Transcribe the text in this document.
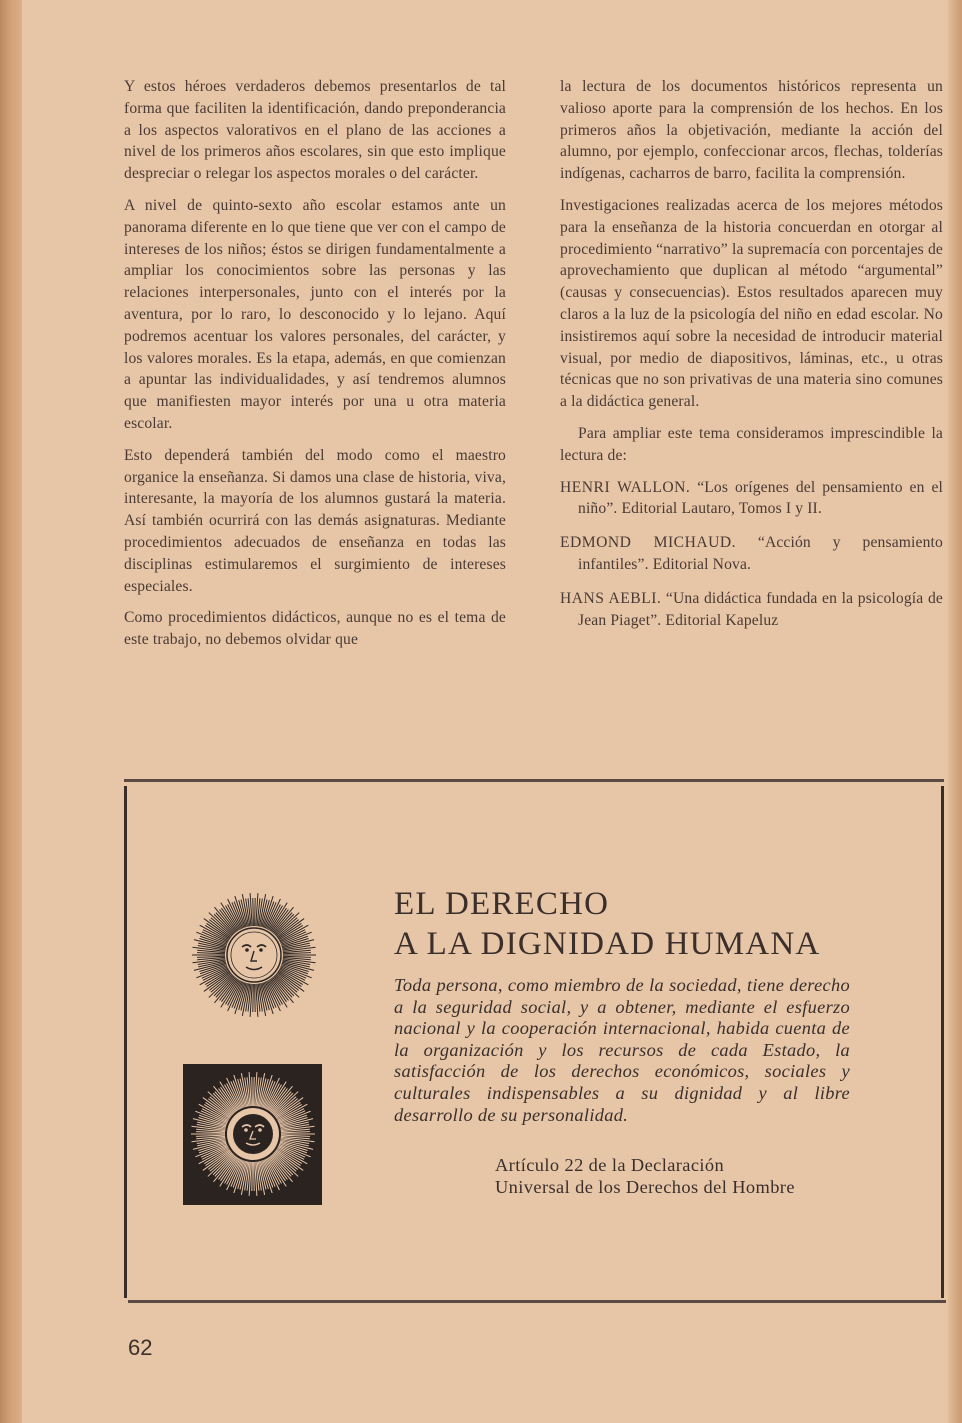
Y estos héroes verdaderos debemos presentarlos de tal forma que faciliten la identificación, dando preponderancia a los aspectos valorativos en el plano de las acciones a nivel de los primeros años escolares, sin que esto implique despreciar o relegar los aspectos morales o del carácter.

A nivel de quinto-sexto año escolar estamos ante un panorama diferente en lo que tiene que ver con el campo de intereses de los niños; éstos se dirigen fundamentalmente a ampliar los conocimientos sobre las personas y las relaciones interpersonales, junto con el interés por la aventura, por lo raro, lo desconocido y lo lejano. Aquí podremos acentuar los valores personales, del carácter, y los valores morales. Es la etapa, además, en que comienzan a apuntar las individualidades, y así tendremos alumnos que manifiesten mayor interés por una u otra materia escolar.

Esto dependerá también del modo como el maestro organice la enseñanza. Si damos una clase de historia, viva, interesante, la mayoría de los alumnos gustará la materia. Así también ocurrirá con las demás asignaturas. Mediante procedimientos adecuados de enseñanza en todas las disciplinas estimularemos el surgimiento de intereses especiales.

Como procedimientos didácticos, aunque no es el tema de este trabajo, no debemos olvidar que

la lectura de los documentos históricos representa un valioso aporte para la comprensión de los hechos. En los primeros años la objetivación, mediante la acción del alumno, por ejemplo, confeccionar arcos, flechas, tolderías indígenas, cacharros de barro, facilita la comprensión.

Investigaciones realizadas acerca de los mejores métodos para la enseñanza de la historia concuerdan en otorgar al procedimiento “narrativo” la supremacía con porcentajes de aprovechamiento que duplican al método “argumental” (causas y consecuencias). Estos resultados aparecen muy claros a la luz de la psicología del niño en edad escolar. No insistiremos aquí sobre la necesidad de introducir material visual, por medio de diapositivos, láminas, etc., u otras técnicas que no son privativas de una materia sino comunes a la didáctica general.

Para ampliar este tema consideramos imprescindible la lectura de:

HENRI WALLON. “Los orígenes del pensamiento en el niño”. Editorial Lautaro, Tomos I y II.

EDMOND MICHAUD. “Acción y pensamiento infantiles”. Editorial Nova.

HANS AEBLI. “Una didáctica fundada en la psicología de Jean Piaget”. Editorial Kapeluz

EL DERECHO
A LA DIGNIDAD HUMANA
Toda persona, como miembro de la sociedad, tiene derecho a la seguridad social, y a obtener, mediante el esfuerzo nacional y la cooperación internacional, habida cuenta de la organización y los recursos de cada Estado, la satisfacción de los derechos económicos, sociales y culturales indispensables a su dignidad y al libre desarrollo de su personalidad.
Artículo 22 de la Declaración
Universal de los Derechos del Hombre
62
